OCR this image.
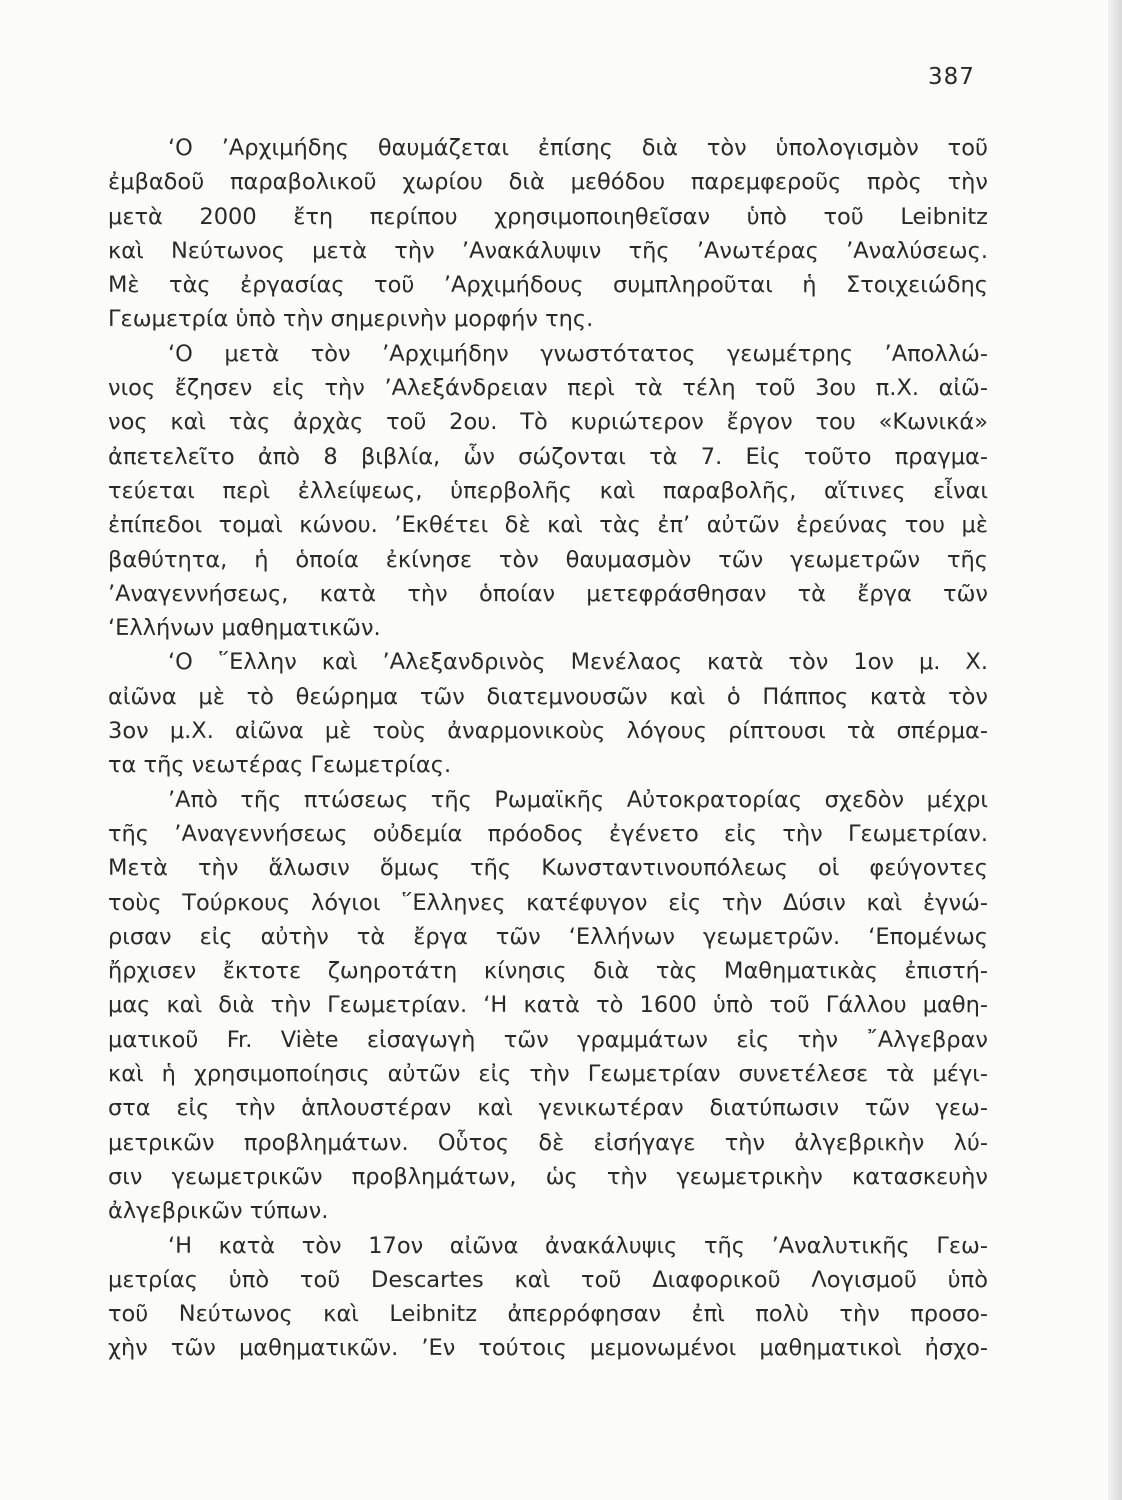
387
‘Ο ’Αρχιμήδης θαυμάζεται ἐπίσης διὰ τὸν ὑπολογισμὸν τοῦ
ἐμβαδοῦ παραβολικοῦ χωρίου διὰ μεθόδου παρεμφεροῦς πρὸς τὴν
μετὰ 2000 ἔτη περίπου χρησιμοποιηθεῖσαν ὑπὸ τοῦ Leibnitz
καὶ Νεύτωνος μετὰ τὴν ’Ανακάλυψιν τῆς ’Ανωτέρας ’Αναλύσεως.
Μὲ τὰς ἐργασίας τοῦ ’Αρχιμήδους συμπληροῦται ἡ Στοιχειώδης
Γεωμετρία ὑπὸ τὴν σημερινὴν μορφήν της.
‘Ο μετὰ τὸν ’Αρχιμήδην γνωστότατος γεωμέτρης ’Απολλώ-
νιος ἔζησεν εἰς τὴν ’Αλεξάνδρειαν περὶ τὰ τέλη τοῦ 3ου π.Χ. αἰῶ-
νος καὶ τὰς ἀρχὰς τοῦ 2ου. Τὸ κυριώτερον ἔργον του «Κωνικά»
ἀπετελεῖτο ἀπὸ 8 βιβλία, ὧν σώζονται τὰ 7. Εἰς τοῦτο πραγμα-
τεύεται περὶ ἐλλείψεως, ὑπερβολῆς καὶ παραβολῆς, αἵτινες εἶναι
ἐπίπεδοι τομαὶ κώνου. ’Εκθέτει δὲ καὶ τὰς ἐπ’ αὐτῶν ἐρεύνας του μὲ
βαθύτητα, ἡ ὁποία ἐκίνησε τὸν θαυμασμὸν τῶν γεωμετρῶν τῆς
’Αναγεννήσεως, κατὰ τὴν ὁποίαν μετεφράσθησαν τὰ ἔργα τῶν
‘Ελλήνων μαθηματικῶν.
‘Ο ῞Ελλην καὶ ’Αλεξανδρινὸς Μενέλαος κατὰ τὸν 1ον μ. Χ.
αἰῶνα μὲ τὸ θεώρημα τῶν διατεμνουσῶν καὶ ὁ Πάππος κατὰ τὸν
3ον μ.Χ. αἰῶνα μὲ τοὺς ἀναρμονικοὺς λόγους ρίπτουσι τὰ σπέρμα-
τα τῆς νεωτέρας Γεωμετρίας.
’Απὸ τῆς πτώσεως τῆς Ρωμαϊκῆς Αὐτοκρατορίας σχεδὸν μέχρι
τῆς ’Αναγεννήσεως οὐδεμία πρόοδος ἐγένετο εἰς τὴν Γεωμετρίαν.
Μετὰ τὴν ἅλωσιν ὅμως τῆς Κωνσταντινουπόλεως οἱ φεύγοντες
τοὺς Τούρκους λόγιοι ῞Ελληνες κατέφυγον εἰς τὴν Δύσιν καὶ ἐγνώ-
ρισαν εἰς αὐτὴν τὰ ἔργα τῶν ‘Ελλήνων γεωμετρῶν. ‘Επομένως
ἤρχισεν ἔκτοτε ζωηροτάτη κίνησις διὰ τὰς Μαθηματικὰς ἐπιστή-
μας καὶ διὰ τὴν Γεωμετρίαν. ‘Η κατὰ τὸ 1600 ὑπὸ τοῦ Γάλλου μαθη-
ματικοῦ Fr. Viète εἰσαγωγὴ τῶν γραμμάτων εἰς τὴν ῎Αλγεβραν
καὶ ἡ χρησιμοποίησις αὐτῶν εἰς τὴν Γεωμετρίαν συνετέλεσε τὰ μέγι-
στα εἰς τὴν ἁπλουστέραν καὶ γενικωτέραν διατύπωσιν τῶν γεω-
μετρικῶν προβλημάτων. Οὗτος δὲ εἰσήγαγε τὴν ἀλγεβρικὴν λύ-
σιν γεωμετρικῶν προβλημάτων, ὡς τὴν γεωμετρικὴν κατασκευὴν
ἀλγεβρικῶν τύπων.
‘Η κατὰ τὸν 17ον αἰῶνα ἀνακάλυψις τῆς ’Αναλυτικῆς Γεω-
μετρίας ὑπὸ τοῦ Descartes καὶ τοῦ Διαφορικοῦ Λογισμοῦ ὑπὸ
τοῦ Νεύτωνος καὶ Leibnitz ἀπερρόφησαν ἐπὶ πολὺ τὴν προσο-
χὴν τῶν μαθηματικῶν. ’Εν τούτοις μεμονωμένοι μαθηματικοὶ ἠσχο-
